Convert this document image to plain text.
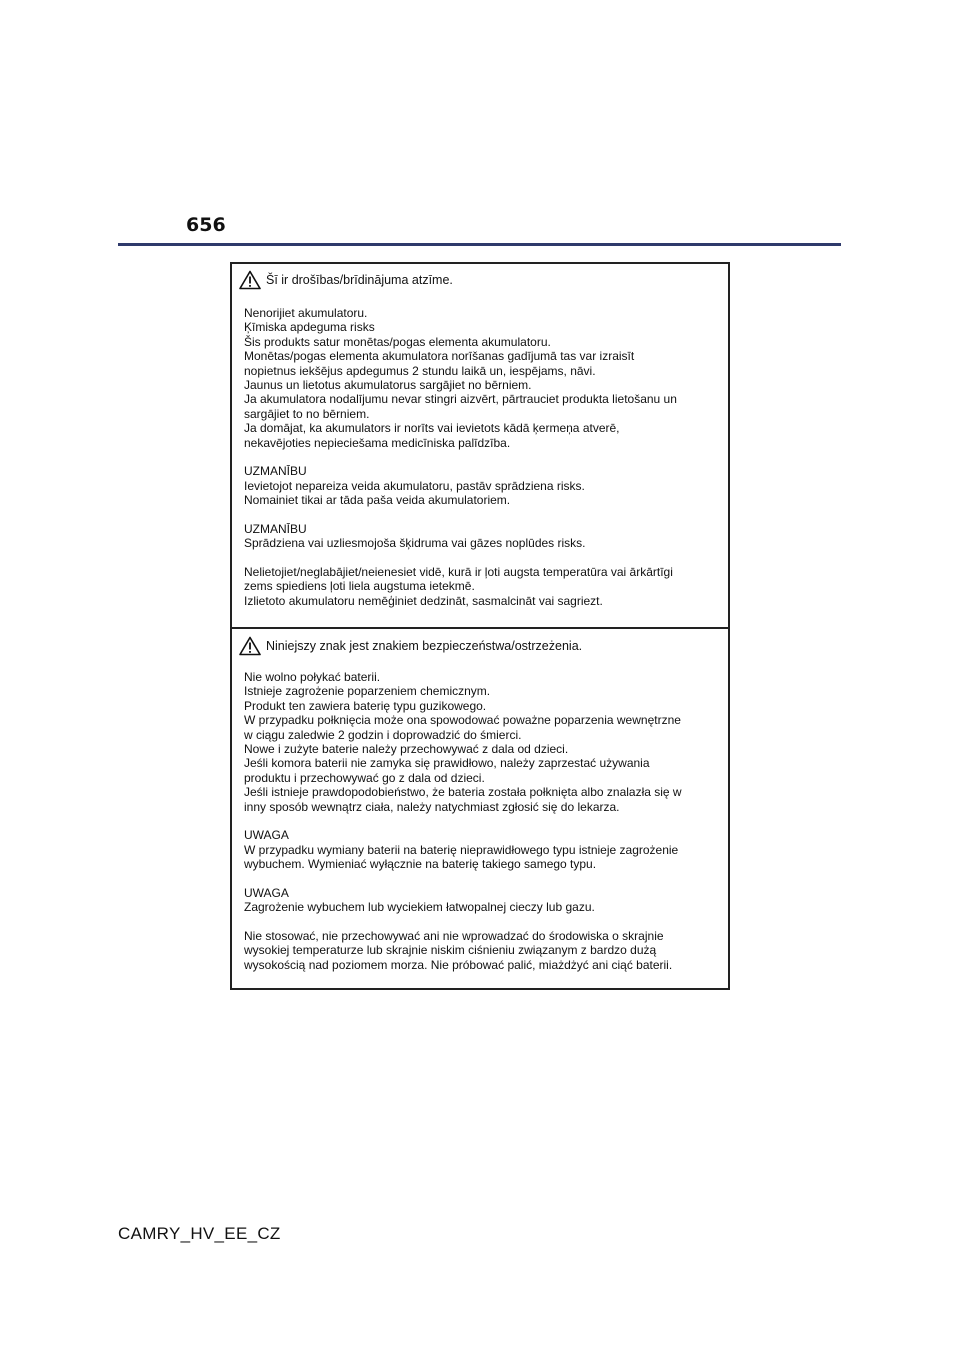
656
Šī ir drošības/brīdinājuma atzīme.
Nenorijiet akumulatoru.
Ķīmiska apdeguma risks
Šis produkts satur monētas/pogas elementa akumulatoru.
Monētas/pogas elementa akumulatora norīšanas gadījumā tas var izraisīt
nopietnus iekšējus apdegumus 2 stundu laikā un, iespējams, nāvi.
Jaunus un lietotus akumulatorus sargājiet no bērniem.
Ja akumulatora nodalījumu nevar stingri aizvērt, pārtrauciet produkta lietošanu un
sargājiet to no bērniem.
Ja domājat, ka akumulators ir norīts vai ievietots kādā ķermeņa atverē,
nekavējoties nepieciešama medicīniska palīdzība.
UZMANĪBU
Ievietojot nepareiza veida akumulatoru, pastāv sprādziena risks.
Nomainiet tikai ar tāda paša veida akumulatoriem.
UZMANĪBU
Sprādziena vai uzliesmojoša šķidruma vai gāzes noplūdes risks.
Nelietojiet/neglabājiet/neienesiet vidē, kurā ir ļoti augsta temperatūra vai ārkārtīgi
zems spiediens ļoti liela augstuma ietekmē.
Izlietoto akumulatoru nemēģiniet dedzināt, sasmalcināt vai sagriezt.
Niniejszy znak jest znakiem bezpieczeństwa/ostrzeżenia.
Nie wolno połykać baterii.
Istnieje zagrożenie poparzeniem chemicznym.
Produkt ten zawiera baterię typu guzikowego.
W przypadku połknięcia może ona spowodować poważne poparzenia wewnętrzne
w ciągu zaledwie 2 godzin i doprowadzić do śmierci.
Nowe i zużyte baterie należy przechowywać z dala od dzieci.
Jeśli komora baterii nie zamyka się prawidłowo, należy zaprzestać używania
produktu i przechowywać go z dala od dzieci.
Jeśli istnieje prawdopodobieństwo, że bateria została połknięta albo znalazła się w
inny sposób wewnątrz ciała, należy natychmiast zgłosić się do lekarza.
UWAGA
W przypadku wymiany baterii na baterię nieprawidłowego typu istnieje zagrożenie
wybuchem. Wymieniać wyłącznie na baterię takiego samego typu.
UWAGA
Zagrożenie wybuchem lub wyciekiem łatwopalnej cieczy lub gazu.
Nie stosować, nie przechowywać ani nie wprowadzać do środowiska o skrajnie
wysokiej temperaturze lub skrajnie niskim ciśnieniu związanym z bardzo dużą
wysokością nad poziomem morza. Nie próbować palić, miażdżyć ani ciąć baterii.
CAMRY_HV_EE_CZ
